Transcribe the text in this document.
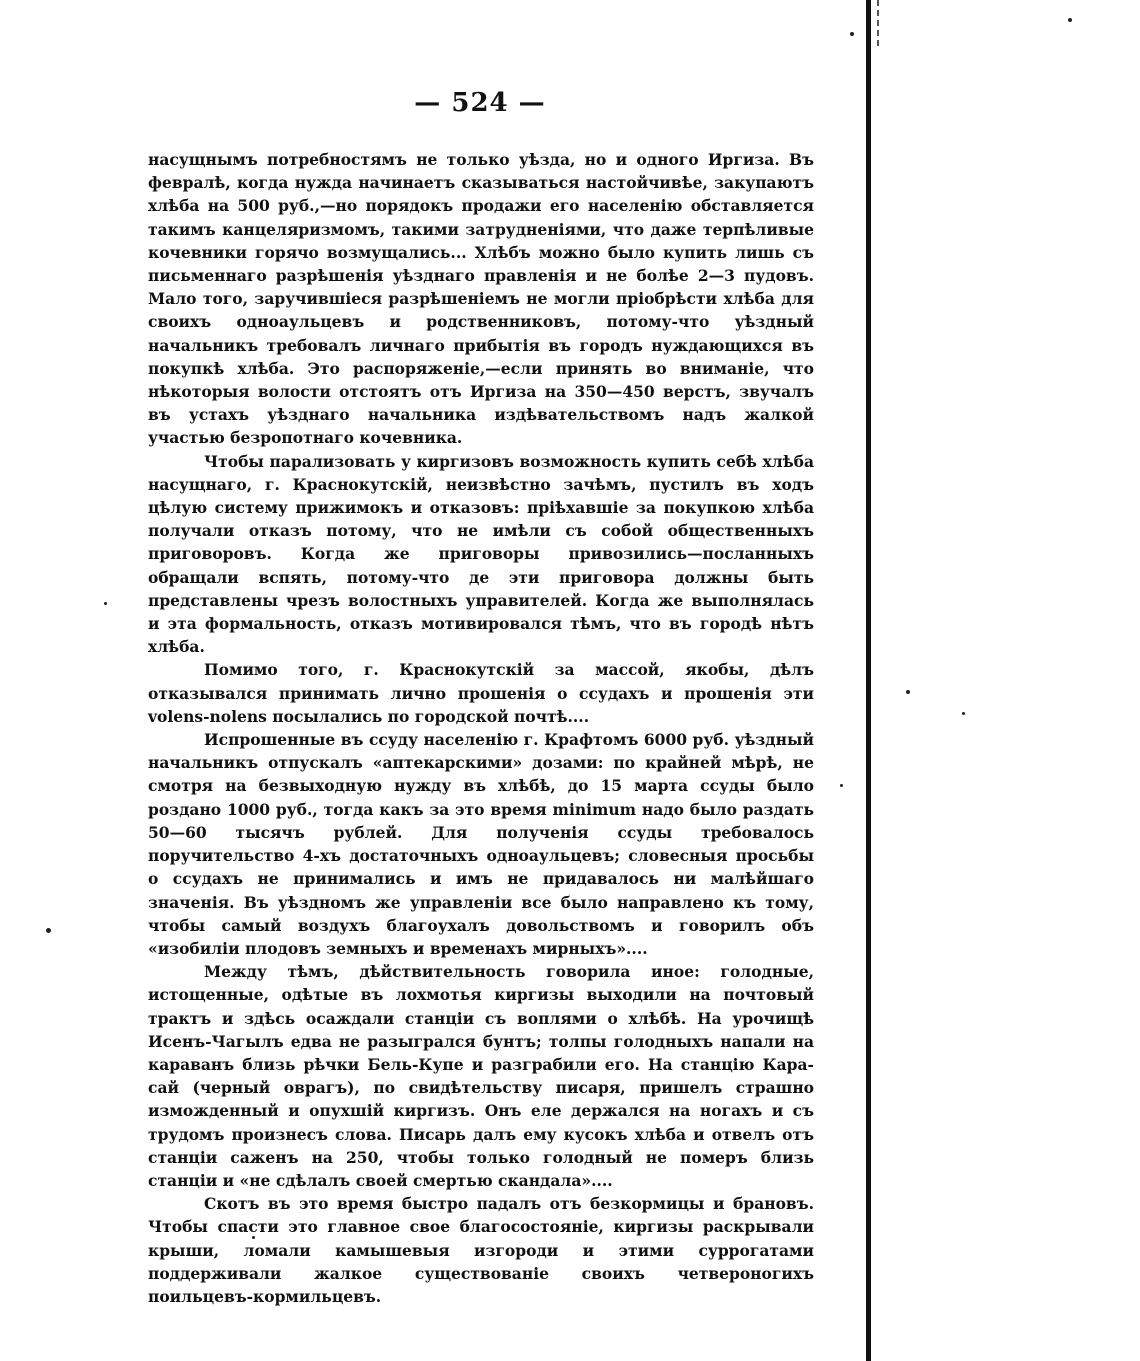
— 524 —

насущнымъ потребностямъ не только уѣзда, но и одного Иргиза. Въ февралѣ, когда нужда начинаетъ сказываться настойчивѣе, закупаютъ хлѣба на 500 руб.,—но порядокъ продажи его населенію обставляется такимъ канцеляризмомъ, такими затрудненіями, что даже терпѣливые кочевники горячо возмущались... Хлѣбъ можно было купить лишь съ письменнаго разрѣшенія уѣзднаго правленія и не болѣе 2—3 пудовъ. Мало того, заручившіеся разрѣшеніемъ не могли пріобрѣсти хлѣба для своихъ одноаульцевъ и родственниковъ, потому-что уѣздный начальникъ требовалъ личнаго прибытія въ городъ нуждающихся въ покупкѣ хлѣба. Это распоряженіе,—если принять во вниманіе, что нѣкоторыя волости отстоятъ отъ Иргиза на 350—450 верстъ, звучалъ въ устахъ уѣзднаго начальника издѣвательствомъ надъ жалкой участью безропотнаго кочевника.

Чтобы парализовать у киргизовъ возможность купить себѣ хлѣба насущнаго, г. Краснокутскій, неизвѣстно зачѣмъ, пустилъ въ ходъ цѣлую систему прижимокъ и отказовъ: пріѣхавшіе за покупкою хлѣба получали отказъ потому, что не имѣли съ собой общественныхъ приговоровъ. Когда же приговоры привозились—посланныхъ обращали вспять, потому-что де эти приговора должны быть представлены чрезъ волостныхъ управителей. Когда же выполнялась и эта формальность, отказъ мотивировался тѣмъ, что въ городѣ нѣтъ хлѣба.

Помимо того, г. Краснокутскій за массой, якобы, дѣлъ отказывался принимать лично прошенія о ссудахъ и прошенія эти volens-nolens посылались по городской почтѣ....

Испрошенные въ ссуду населенію г. Крафтомъ 6000 руб. уѣздный начальникъ отпускалъ «аптекарскими» дозами: по крайней мѣрѣ, не смотря на безвыходную нужду въ хлѣбѣ, до 15 марта ссуды было роздано 1000 руб., тогда какъ за это время minimum надо было раздать 50—60 тысячъ рублей. Для полученія ссуды требовалось поручительство 4-хъ достаточныхъ одноаульцевъ; словесныя просьбы о ссудахъ не принимались и имъ не придавалось ни малѣйшаго значенія. Въ уѣздномъ же управленіи все было направлено къ тому, чтобы самый воздухъ благоухалъ довольствомъ и говорилъ объ «изобиліи плодовъ земныхъ и временахъ мирныхъ»....

Между тѣмъ, дѣйствительность говорила иное: голодные, истощенные, одѣтые въ лохмотья киргизы выходили на почтовый трактъ и здѣсь осаждали станціи съ воплями о хлѣбѣ. На урочищѣ Исенъ-Чагылъ едва не разыгрался бунтъ; толпы голодныхъ напали на караванъ близь рѣчки Бель-Купе и разграбили его. На станцію Кара-сай (черный оврагъ), по свидѣтельству писаря, пришелъ страшно изможденный и опухшій киргизъ. Онъ еле держался на ногахъ и съ трудомъ произнесъ слова. Писарь далъ ему кусокъ хлѣба и отвелъ отъ станціи саженъ на 250, чтобы только голодный не померъ близь станціи и «не сдѣлалъ своей смертью скандала»....

Скотъ въ это время быстро падалъ отъ безкормицы и брановъ. Чтобы спасти это главное свое благосостояніе, киргизы раскрывали крыши, ломали камышевыя изгороди и этими суррогатами поддерживали жалкое существованіе своихъ четвероногихъ поильцевъ-кормильцевъ.
